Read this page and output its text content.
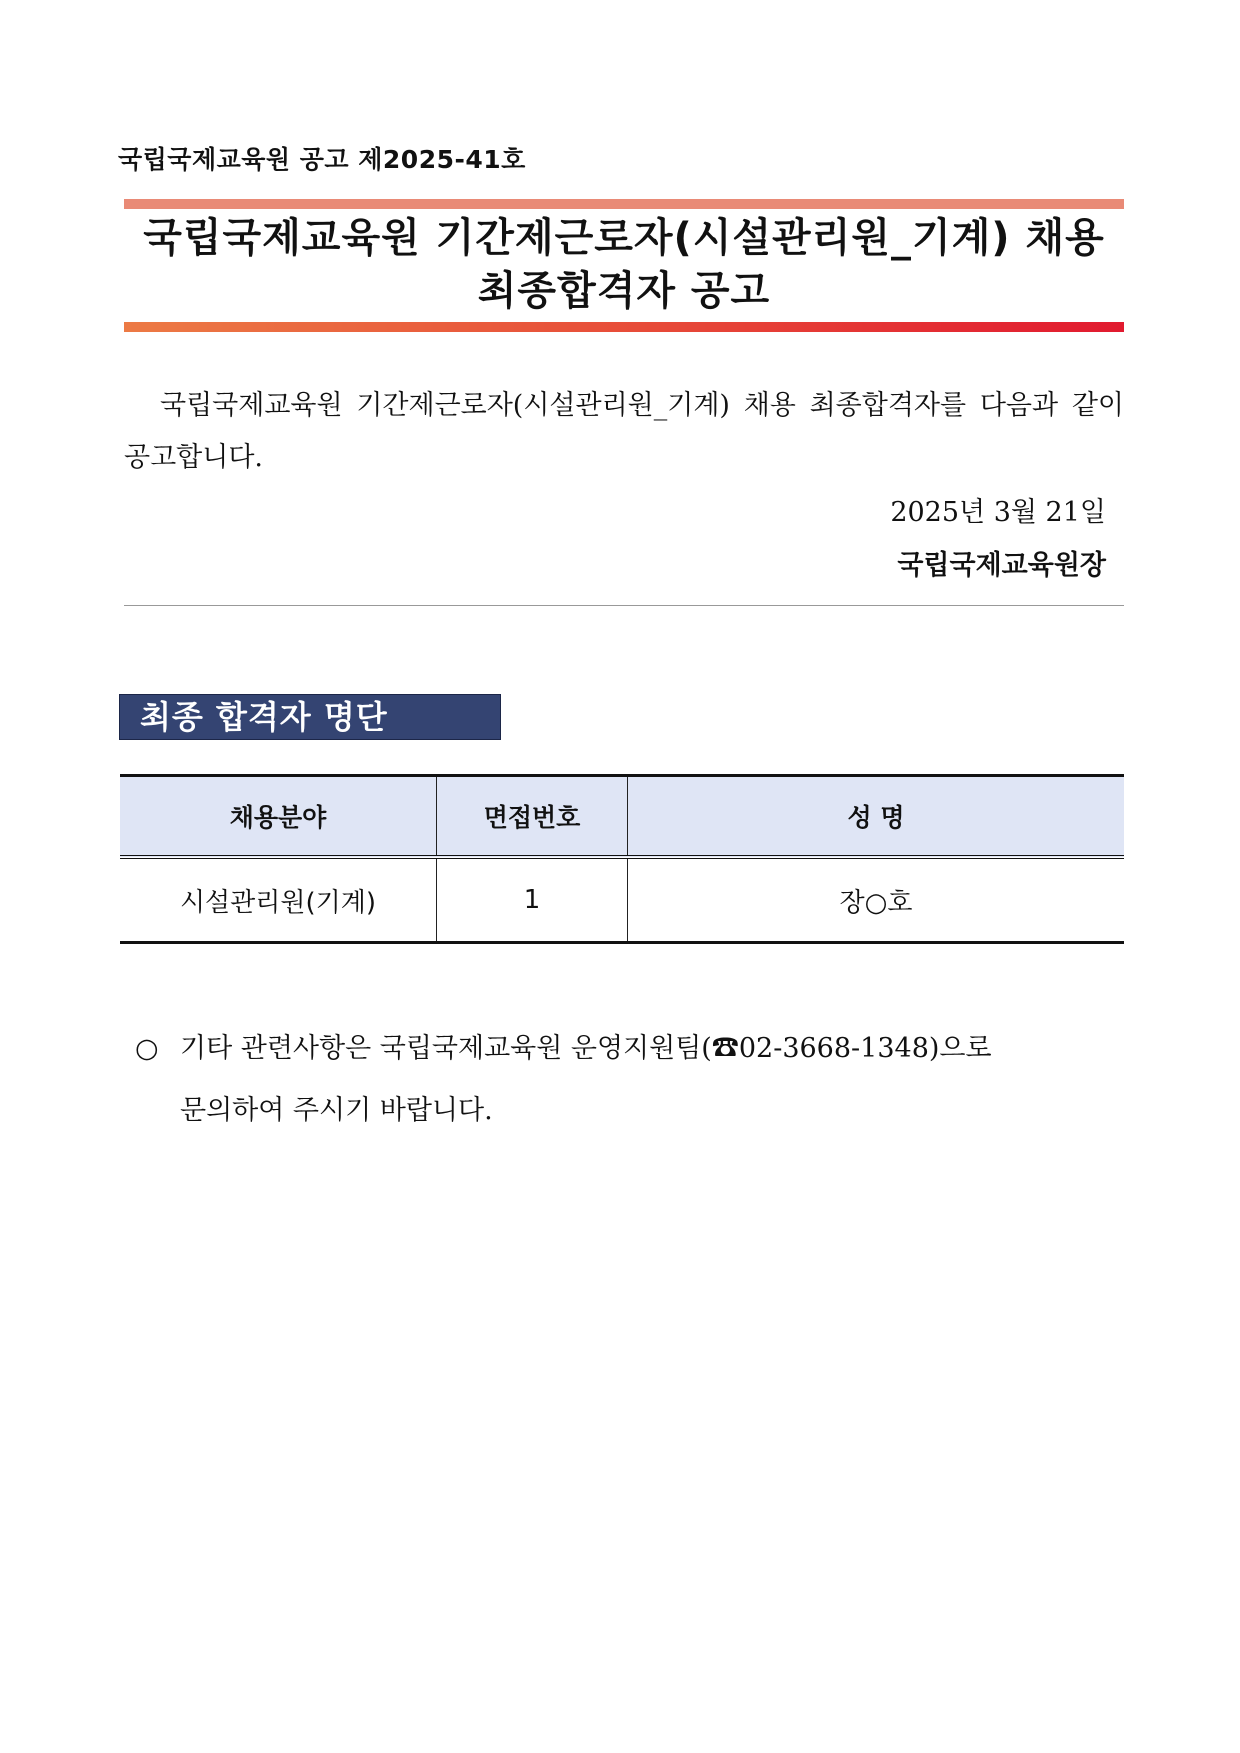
국립국제교육원 공고 제2025-41호
국립국제교육원 기간제근로자(시설관리원_기계) 채용
최종합격자 공고
국립국제교육원 기간제근로자(시설관리원_기계) 채용 최종합격자를 다음과 같이 공고합니다.
2025년 3월 21일
국립국제교육원장
최종 합격자 명단
채용분야	면접번호	성 명
시설관리원(기계)	1	장○호
○ 기타 관련사항은 국립국제교육원 운영지원팀(☎02-3668-1348)으로
문의하여 주시기 바랍니다.
